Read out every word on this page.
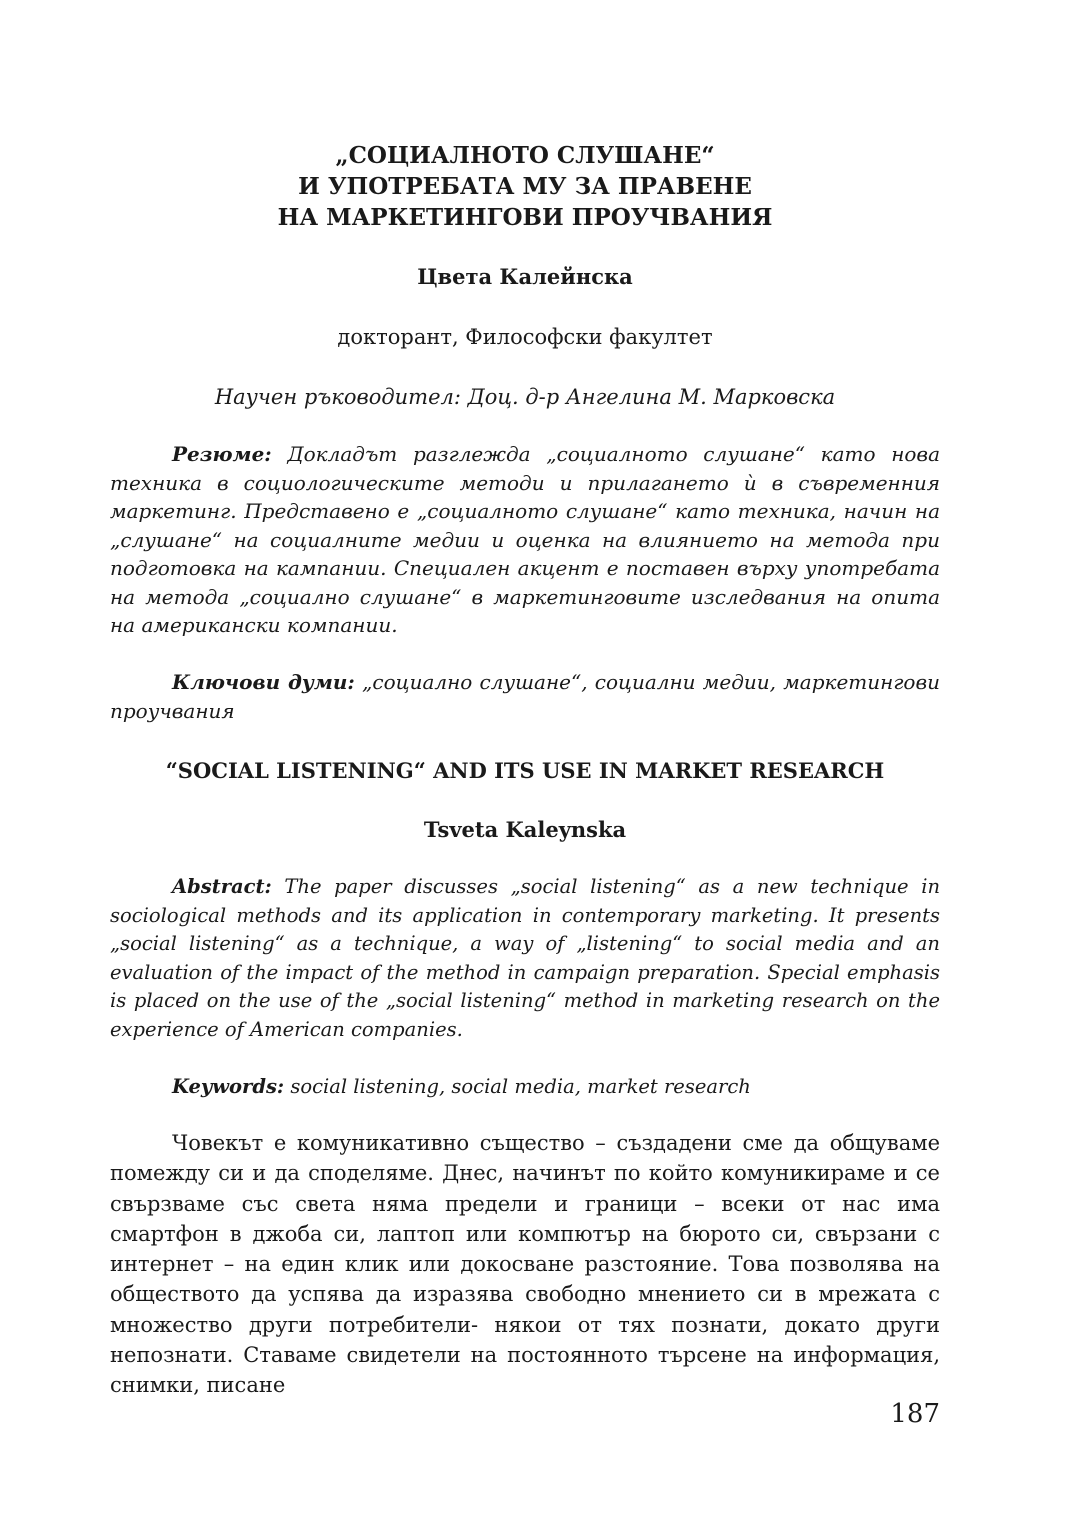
„СОЦИАЛНОТО СЛУШАНЕ“
И УПОТРЕБАТА МУ ЗА ПРАВЕНЕ
НА МАРКЕТИНГОВИ ПРОУЧВАНИЯ
Цвета Калейнска
докторант, Философски факултет
Научен ръководител: Доц. д-р Ангелина М. Марковска
Резюме: Докладът разглежда „социалното слушане“ като нова техника в социологическите методи и прилагането ѝ в съвременния маркетинг. Представено е „социалното слушане“ като техника, начин на „слушане“ на социалните медии и оценка на влиянието на метода при подготовка на кампании. Специален акцент е поставен върху употребата на метода „социално слушане“ в маркетинговите изследвания на опита на американски компании.
Ключови думи: „социално слушане“, социални медии, маркетингови проучвания
“SOCIAL LISTENING“ AND ITS USE IN MARKET RESEARCH
Tsveta Kaleynska
Abstract: The paper discusses „social listening“ as a new technique in sociological methods and its application in contemporary marketing. It presents „social listening“ as a technique, a way of „listening“ to social media and an evaluation of the impact of the method in campaign preparation. Special emphasis is placed on the use of the „social listening“ method in marketing research on the experience of American companies.
Keywords: social listening, social media, market research
Човекът е комуникативно същество – създадени сме да общуваме помежду си и да споделяме. Днес, начинът по който комуникираме и се свързваме със света няма предели и граници – всеки от нас има смартфон в джоба си, лаптоп или компютър на бюрото си, свързани с интернет – на един клик или докосване разстояние. Това позволява на обществото да успява да изразява свободно мнението си в мрежата с множество други потребители- някои от тях познати, докато други непознати. Ставаме свидетели на постоянното търсене на информация, снимки, писане
187
